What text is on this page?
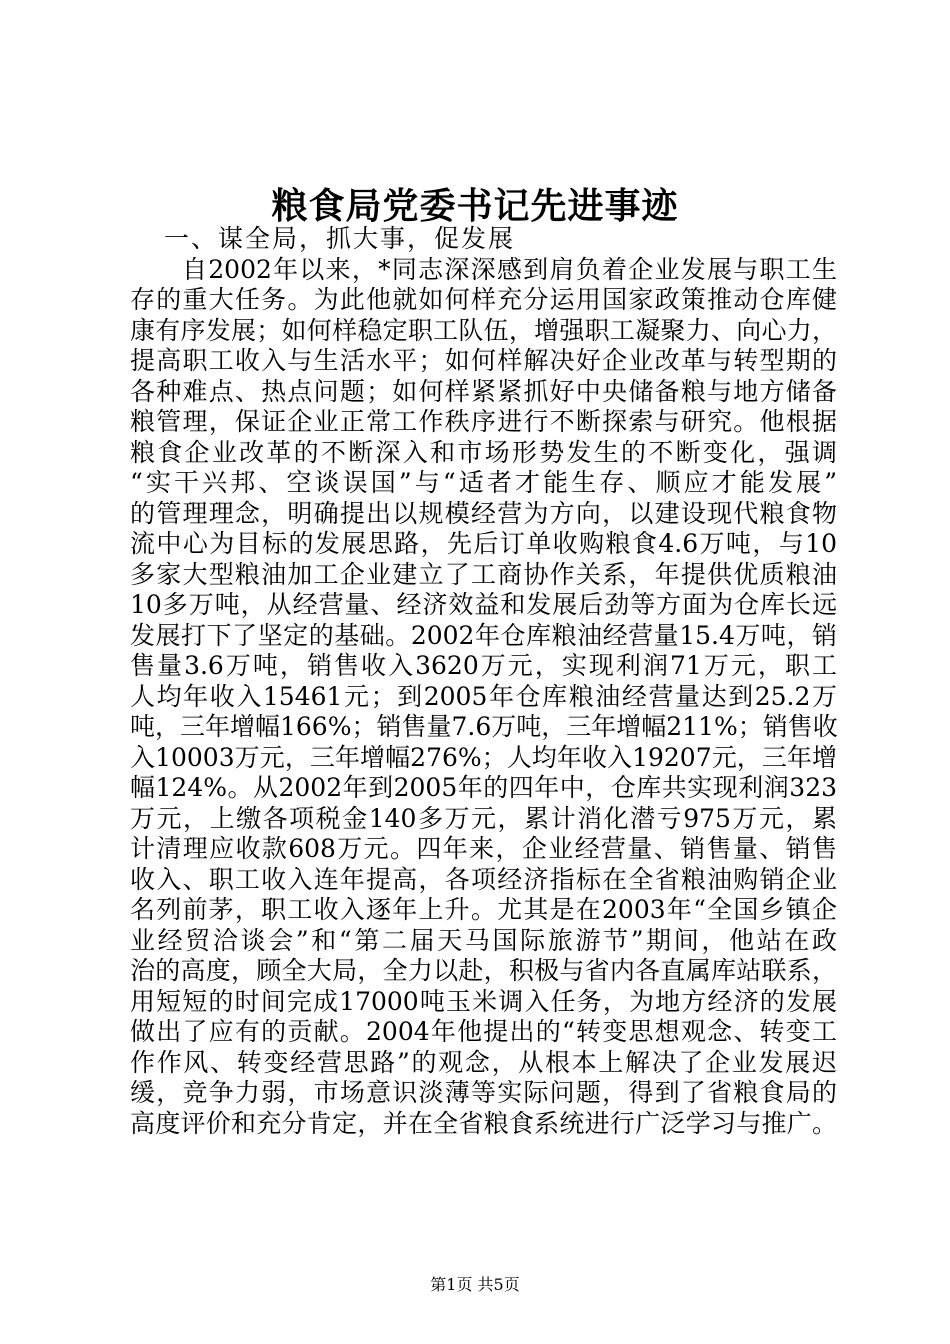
粮食局党委书记先进事迹
一、谋全局，抓大事，促发展
自2002年以来，*同志深深感到肩负着企业发展与职工生
存的重大任务。为此他就如何样充分运用国家政策推动仓库健
康有序发展；如何样稳定职工队伍，增强职工凝聚力、向心力，
提高职工收入与生活水平；如何样解决好企业改革与转型期的
各种难点、热点问题；如何样紧紧抓好中央储备粮与地方储备
粮管理，保证企业正常工作秩序进行不断探索与研究。他根据
粮食企业改革的不断深入和市场形势发生的不断变化，强调
“实干兴邦、空谈误国”与“适者才能生存、顺应才能发展”
的管理理念，明确提出以规模经营为方向，以建设现代粮食物
流中心为目标的发展思路，先后订单收购粮食4.6万吨，与10
多家大型粮油加工企业建立了工商协作关系，年提供优质粮油
10多万吨，从经营量、经济效益和发展后劲等方面为仓库长远
发展打下了坚定的基础。2002年仓库粮油经营量15.4万吨，销
售量3.6万吨，销售收入3620万元，实现利润71万元，职工
人均年收入15461元；到2005年仓库粮油经营量达到25.2万
吨，三年增幅166%；销售量7.6万吨，三年增幅211%；销售收
入10003万元，三年增幅276%；人均年收入19207元，三年增
幅124%。从2002年到2005年的四年中，仓库共实现利润323
万元，上缴各项税金140多万元，累计消化潜亏975万元，累
计清理应收款608万元。四年来，企业经营量、销售量、销售
收入、职工收入连年提高，各项经济指标在全省粮油购销企业
名列前茅，职工收入逐年上升。尤其是在2003年“全国乡镇企
业经贸洽谈会”和“第二届天马国际旅游节”期间，他站在政
治的高度，顾全大局，全力以赴，积极与省内各直属库站联系，
用短短的时间完成17000吨玉米调入任务，为地方经济的发展
做出了应有的贡献。2004年他提出的“转变思想观念、转变工
作作风、转变经营思路”的观念，从根本上解决了企业发展迟
缓，竞争力弱，市场意识淡薄等实际问题，得到了省粮食局的
高度评价和充分肯定，并在全省粮食系统进行广泛学习与推广。
第1页 共5页
